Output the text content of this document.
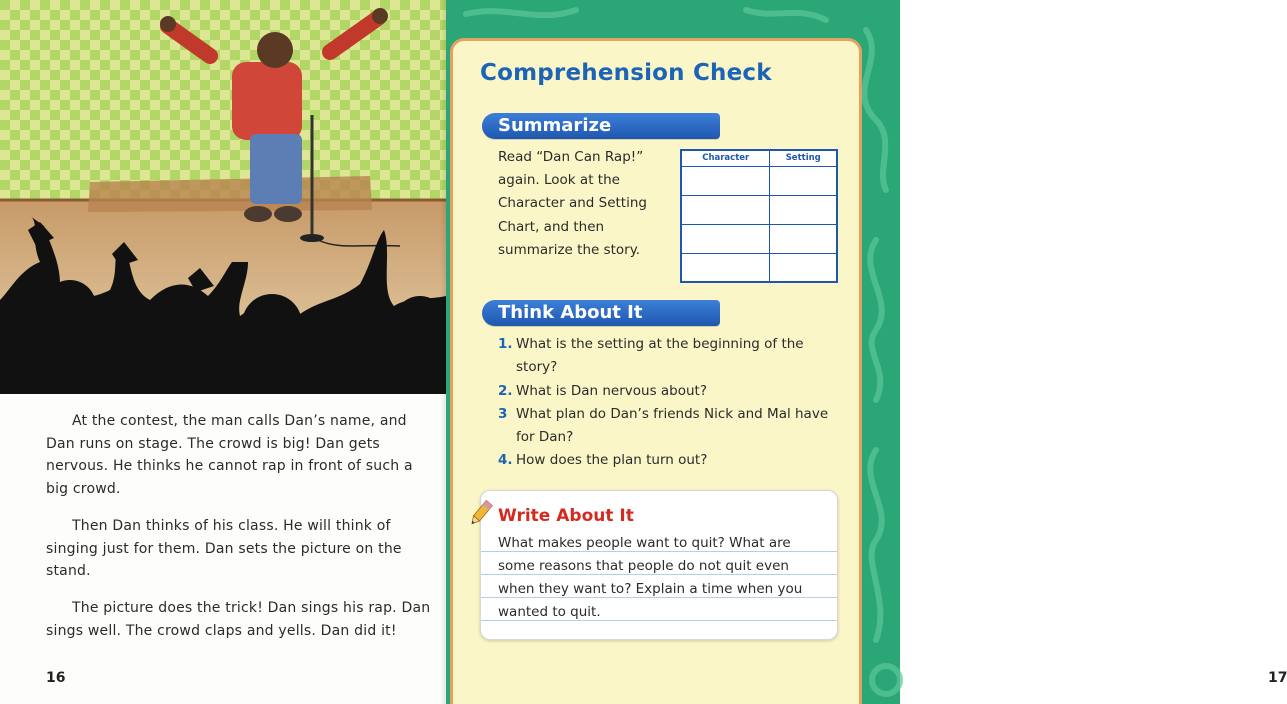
At the contest, the man calls Dan’s name, and Dan runs on stage. The crowd is big! Dan gets nervous. He thinks he cannot rap in front of such a big crowd.

Then Dan thinks of his class. He will think of singing just for them. Dan sets the picture on the stand.

The picture does the trick! Dan sings his rap. Dan sings well. The crowd claps and yells. Dan did it!

16
Comprehension Check
Summarize

Read “Dan Can Rap!” again. Look at the Character and Setting Chart, and then summarize the story.

Character	Setting

Think About It
1. What is the setting at the beginning of the story?
2. What is Dan nervous about?
3 What plan do Dan’s friends Nick and Mal have for Dan?
4. How does the plan turn out?
Write About It

What makes people want to quit? What are some reasons that people do not quit even when they want to? Explain a time when you wanted to quit.

17
